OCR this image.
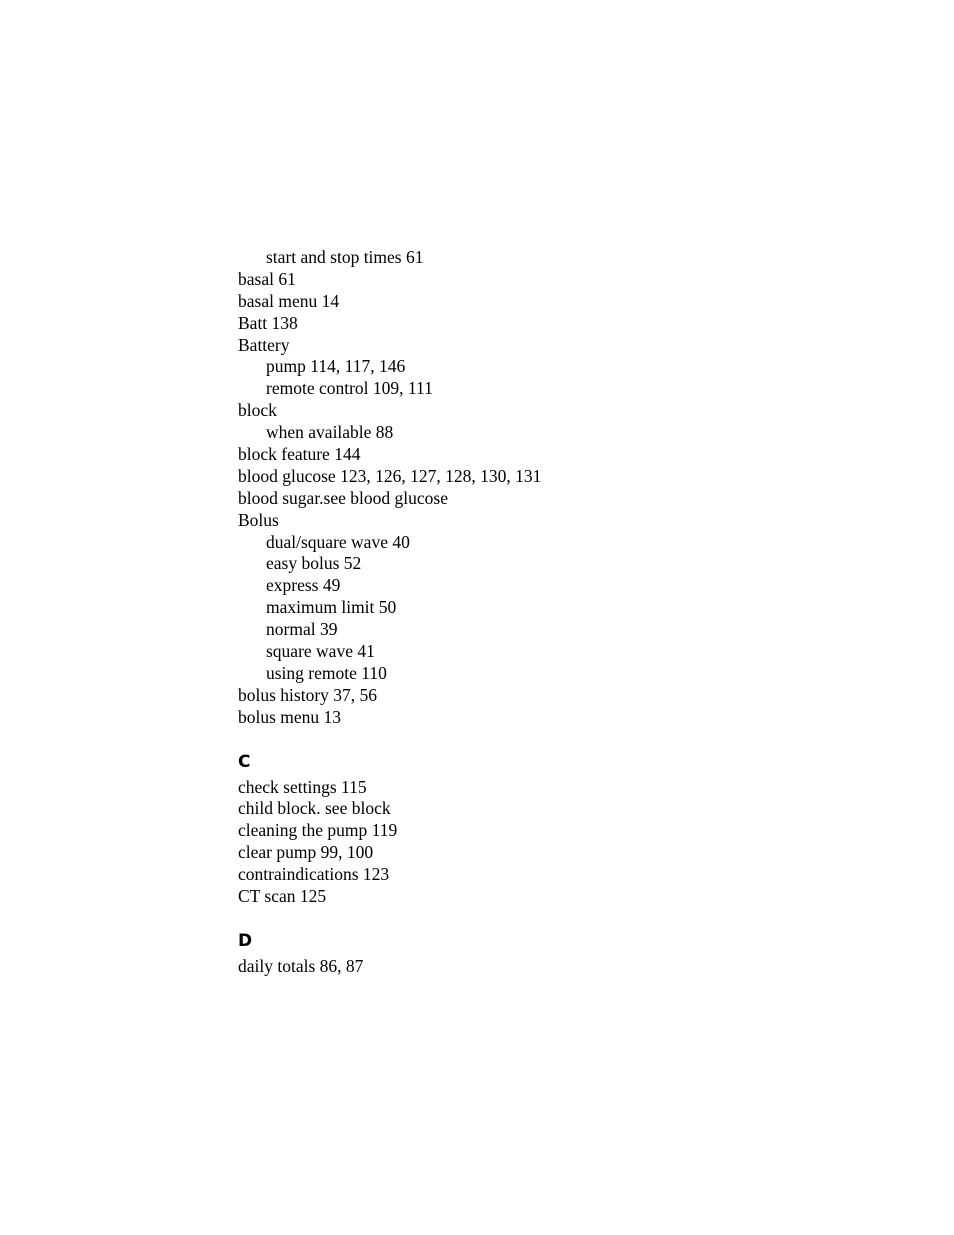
start and stop times 61
basal 61
basal menu 14
Batt 138
Battery
pump 114, 117, 146
remote control 109, 111
block
when available 88
block feature 144
blood glucose 123, 126, 127, 128, 130, 131
blood sugar.see blood glucose
Bolus
dual/square wave 40
easy bolus 52
express 49
maximum limit 50
normal 39
square wave 41
using remote 110
bolus history 37, 56
bolus menu 13
C
check settings 115
child block. see block
cleaning the pump 119
clear pump 99, 100
contraindications 123
CT scan 125
D
daily totals 86, 87
